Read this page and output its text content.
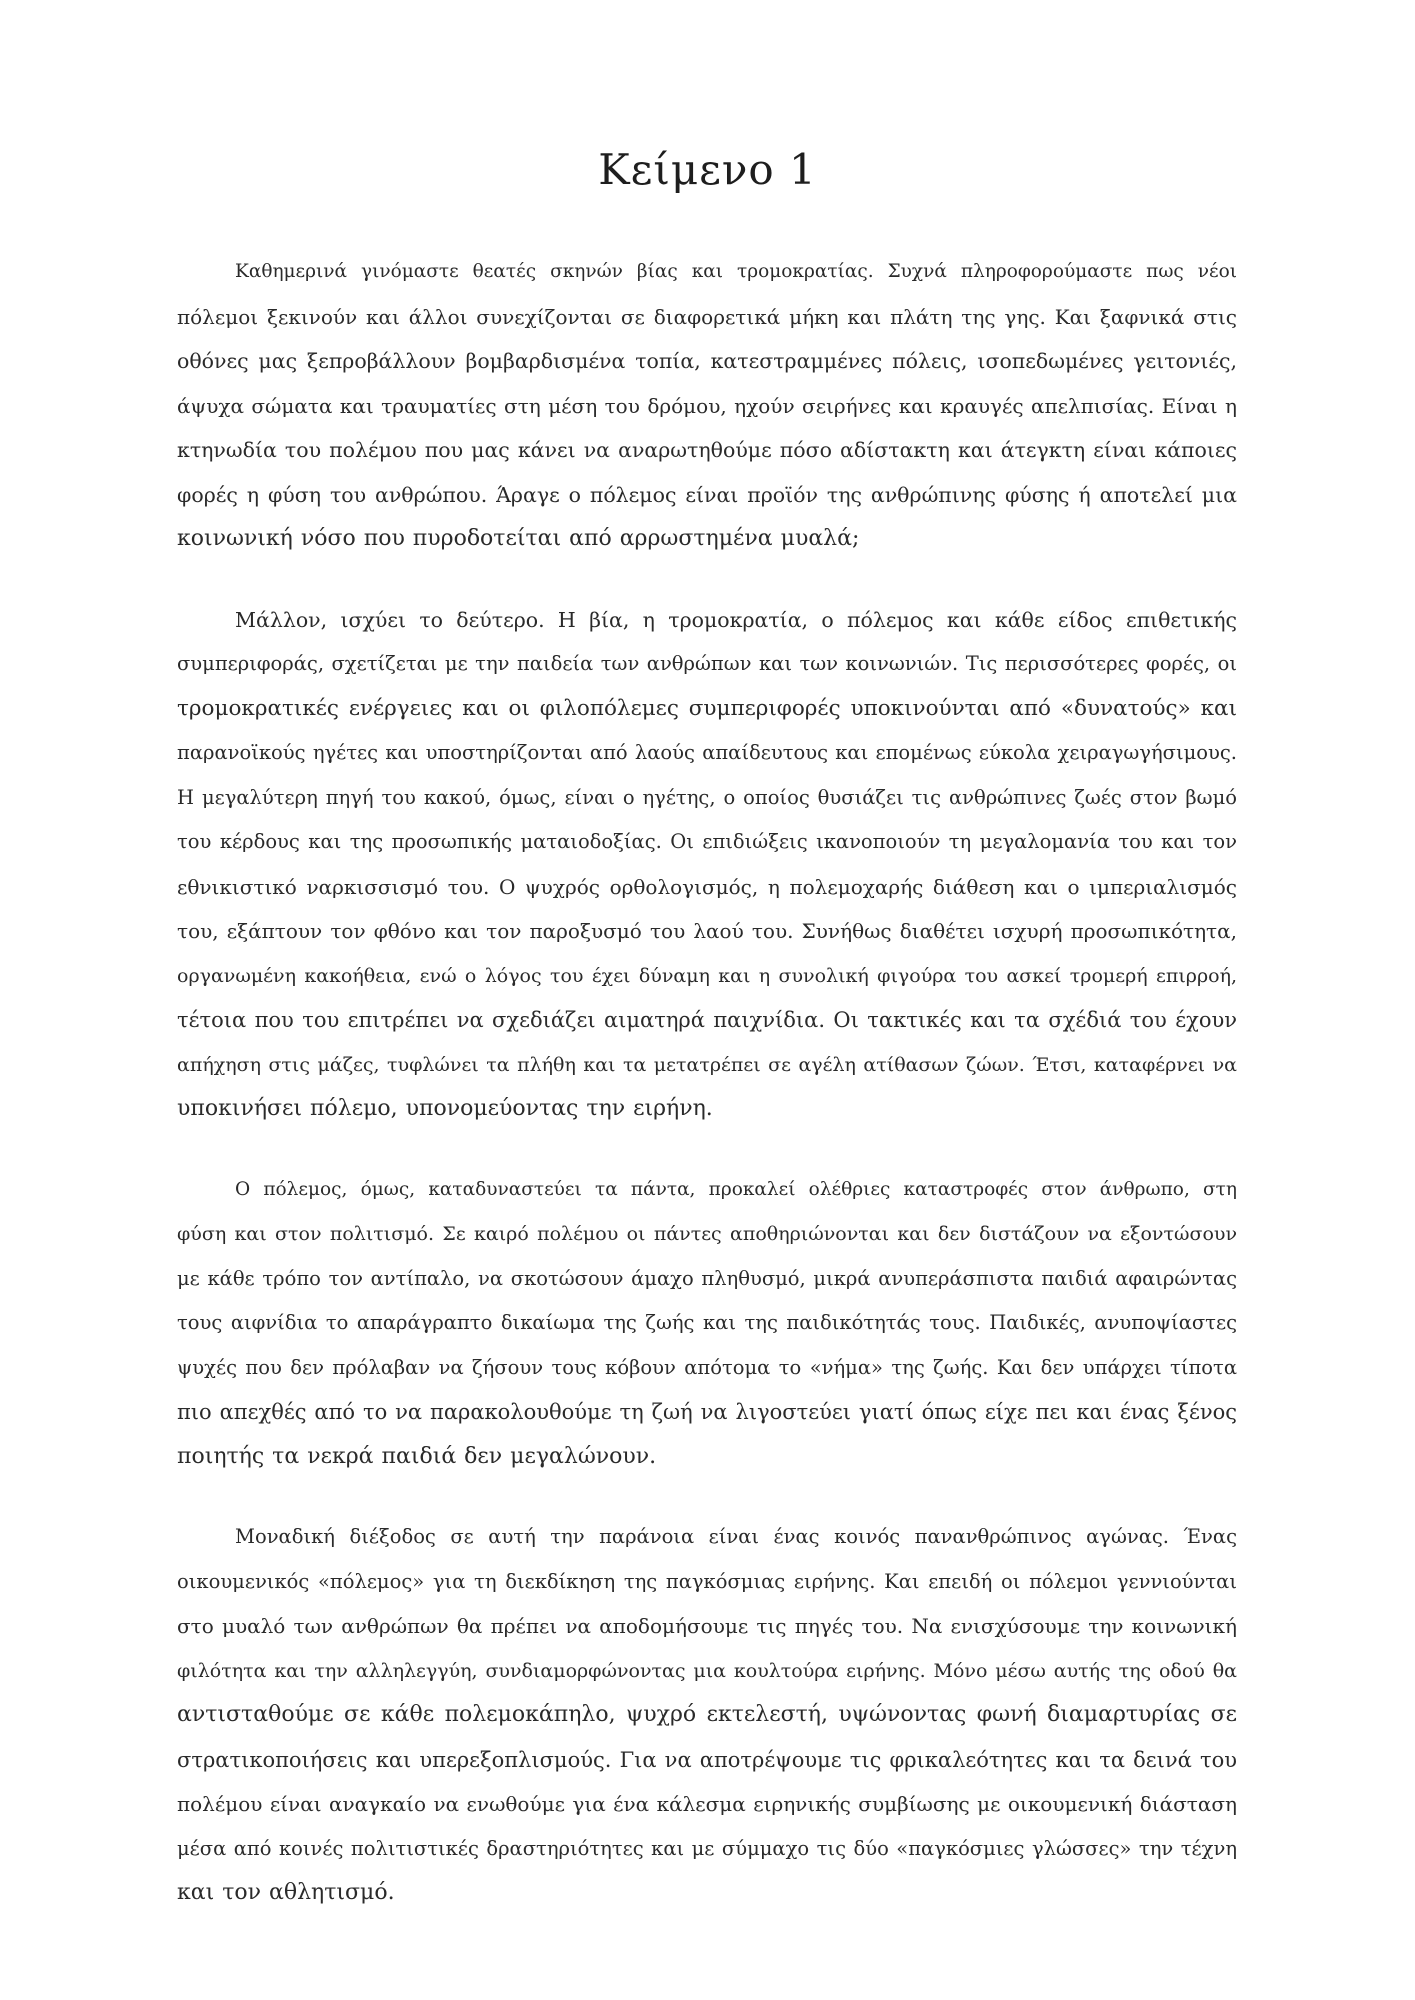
Κείμενο 1

Καθημερινά γινόμαστε θεατές σκηνών βίας και τρομοκρατίας. Συχνά πληροφορούμαστε πως νέοι
πόλεμοι ξεκινούν και άλλοι συνεχίζονται σε διαφορετικά μήκη και πλάτη της γης. Και ξαφνικά στις
οθόνες μας ξεπροβάλλουν βομβαρδισμένα τοπία, κατεστραμμένες πόλεις, ισοπεδωμένες γειτονιές,
άψυχα σώματα και τραυματίες στη μέση του δρόμου, ηχούν σειρήνες και κραυγές απελπισίας. Είναι η
κτηνωδία του πολέμου που μας κάνει να αναρωτηθούμε πόσο αδίστακτη και άτεγκτη είναι κάποιες
φορές η φύση του ανθρώπου. Άραγε ο πόλεμος είναι προϊόν της ανθρώπινης φύσης ή αποτελεί μια
κοινωνική νόσο που πυροδοτείται από αρρωστημένα μυαλά;

Μάλλον, ισχύει το δεύτερο. Η βία, η τρομοκρατία, ο πόλεμος και κάθε είδος επιθετικής
συμπεριφοράς, σχετίζεται με την παιδεία των ανθρώπων και των κοινωνιών. Τις περισσότερες φορές, οι
τρομοκρατικές ενέργειες και οι φιλοπόλεμες συμπεριφορές υποκινούνται από «δυνατούς» και
παρανοϊκούς ηγέτες και υποστηρίζονται από λαούς απαίδευτους και επομένως εύκολα χειραγωγήσιμους.
Η μεγαλύτερη πηγή του κακού, όμως, είναι ο ηγέτης, ο οποίος θυσιάζει τις ανθρώπινες ζωές στον βωμό
του κέρδους και της προσωπικής ματαιοδοξίας. Οι επιδιώξεις ικανοποιούν τη μεγαλομανία του και τον
εθνικιστικό ναρκισσισμό του. Ο ψυχρός ορθολογισμός, η πολεμοχαρής διάθεση και ο ιμπεριαλισμός
του, εξάπτουν τον φθόνο και τον παροξυσμό του λαού του. Συνήθως διαθέτει ισχυρή προσωπικότητα,
οργανωμένη κακοήθεια, ενώ ο λόγος του έχει δύναμη και η συνολική φιγούρα του ασκεί τρομερή επιρροή,
τέτοια που του επιτρέπει να σχεδιάζει αιματηρά παιχνίδια. Οι τακτικές και τα σχέδιά του έχουν
απήχηση στις μάζες, τυφλώνει τα πλήθη και τα μετατρέπει σε αγέλη ατίθασων ζώων. Έτσι, καταφέρνει να
υποκινήσει πόλεμο, υπονομεύοντας την ειρήνη.

Ο πόλεμος, όμως, καταδυναστεύει τα πάντα, προκαλεί ολέθριες καταστροφές στον άνθρωπο, στη
φύση και στον πολιτισμό. Σε καιρό πολέμου οι πάντες αποθηριώνονται και δεν διστάζουν να εξοντώσουν
με κάθε τρόπο τον αντίπαλο, να σκοτώσουν άμαχο πληθυσμό, μικρά ανυπεράσπιστα παιδιά αφαιρώντας
τους αιφνίδια το απαράγραπτο δικαίωμα της ζωής και της παιδικότητάς τους. Παιδικές, ανυποψίαστες
ψυχές που δεν πρόλαβαν να ζήσουν τους κόβουν απότομα το «νήμα» της ζωής. Και δεν υπάρχει τίποτα
πιο απεχθές από το να παρακολουθούμε τη ζωή να λιγοστεύει γιατί όπως είχε πει και ένας ξένος
ποιητής τα νεκρά παιδιά δεν μεγαλώνουν.

Μοναδική διέξοδος σε αυτή την παράνοια είναι ένας κοινός πανανθρώπινος αγώνας. Ένας
οικουμενικός «πόλεμος» για τη διεκδίκηση της παγκόσμιας ειρήνης. Και επειδή οι πόλεμοι γεννιούνται
στο μυαλό των ανθρώπων θα πρέπει να αποδομήσουμε τις πηγές του. Να ενισχύσουμε την κοινωνική
φιλότητα και την αλληλεγγύη, συνδιαμορφώνοντας μια κουλτούρα ειρήνης. Μόνο μέσω αυτής της οδού θα
αντισταθούμε σε κάθε πολεμοκάπηλο, ψυχρό εκτελεστή, υψώνοντας φωνή διαμαρτυρίας σε
στρατικοποιήσεις και υπερεξοπλισμούς. Για να αποτρέψουμε τις φρικαλεότητες και τα δεινά του
πολέμου είναι αναγκαίο να ενωθούμε για ένα κάλεσμα ειρηνικής συμβίωσης με οικουμενική διάσταση
μέσα από κοινές πολιτιστικές δραστηριότητες και με σύμμαχο τις δύο «παγκόσμιες γλώσσες» την τέχνη
και τον αθλητισμό.
